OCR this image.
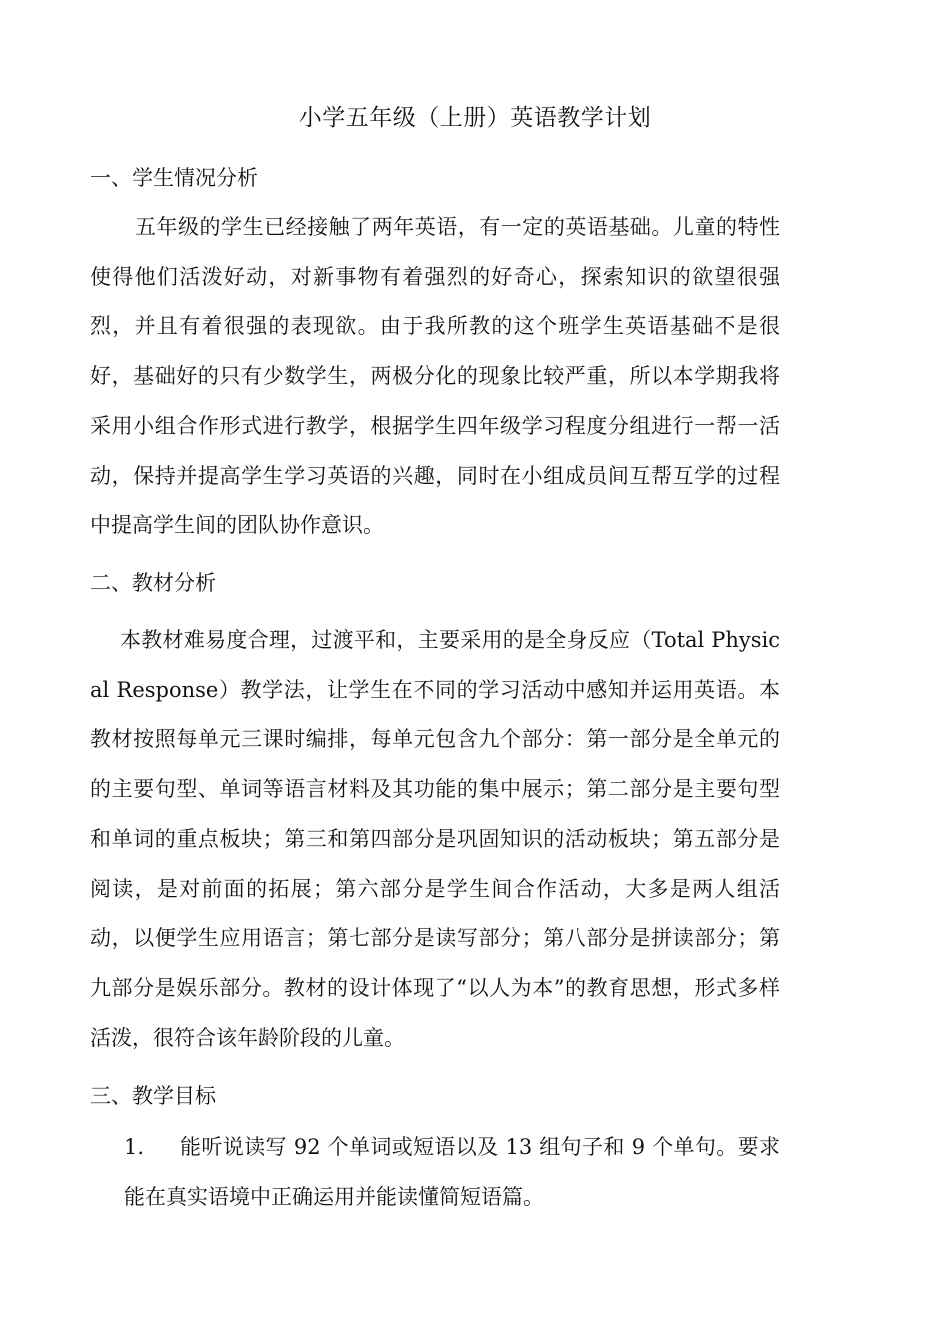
小学五年级（上册）英语教学计划
一、学生情况分析

五年级的学生已经接触了两年英语，有一定的英语基础。儿童的特性使得他们活泼好动，对新事物有着强烈的好奇心，探索知识的欲望很强烈，并且有着很强的表现欲。由于我所教的这个班学生英语基础不是很好，基础好的只有少数学生，两极分化的现象比较严重，所以本学期我将采用小组合作形式进行教学，根据学生四年级学习程度分组进行一帮一活动，保持并提高学生学习英语的兴趣，同时在小组成员间互帮互学的过程中提高学生间的团队协作意识。

二、教材分析

本教材难易度合理，过渡平和，主要采用的是全身反应（Total Physical Response）教学法，让学生在不同的学习活动中感知并运用英语。本教材按照每单元三课时编排，每单元包含九个部分：第一部分是全单元的的主要句型、单词等语言材料及其功能的集中展示；第二部分是主要句型和单词的重点板块；第三和第四部分是巩固知识的活动板块；第五部分是阅读，是对前面的拓展；第六部分是学生间合作活动，大多是两人组活动，以便学生应用语言；第七部分是读写部分；第八部分是拼读部分；第九部分是娱乐部分。教材的设计体现了“以人为本”的教育思想，形式多样活泼，很符合该年龄阶段的儿童。

三、教学目标
1.	能听说读写 92 个单词或短语以及 13 组句子和 9 个单句。要求能在真实语境中正确运用并能读懂简短语篇。
